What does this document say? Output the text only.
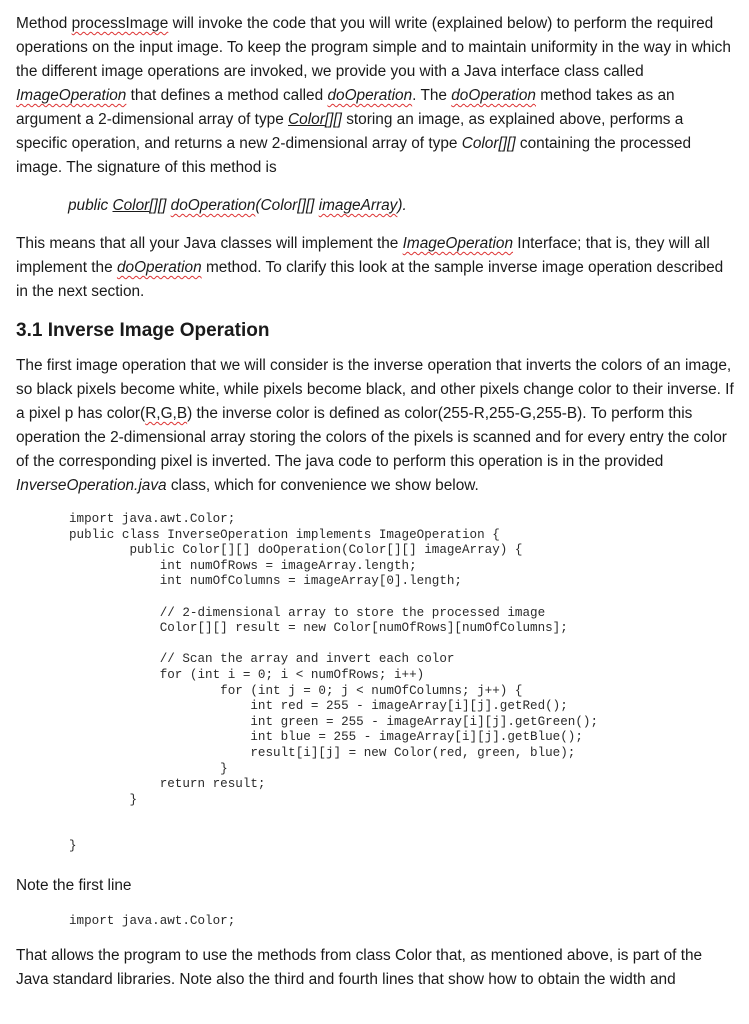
Method processImage will invoke the code that you will write (explained below) to perform the required operations on the input image. To keep the program simple and to maintain uniformity in the way in which the different image operations are invoked, we provide you with a Java interface class called ImageOperation that defines a method called doOperation. The doOperation method takes as an argument a 2-dimensional array of type Color[][] storing an image, as explained above, performs a specific operation, and returns a new 2-dimensional array of type Color[][] containing the processed image. The signature of this method is

public Color[][] doOperation(Color[][] imageArray).

This means that all your Java classes will implement the ImageOperation Interface; that is, they will all implement the doOperation method. To clarify this look at the sample inverse image operation described in the next section.

3.1 Inverse Image Operation

The first image operation that we will consider is the inverse operation that inverts the colors of an image, so black pixels become white, while pixels become black, and other pixels change color to their inverse. If a pixel p has color(R,G,B) the inverse color is defined as color(255-R,255-G,255-B). To perform this operation the 2-dimensional array storing the colors of the pixels is scanned and for every entry the color of the corresponding pixel is inverted. The java code to perform this operation is in the provided InverseOperation.java class, which for convenience we show below.

import java.awt.Color;
public class InverseOperation implements ImageOperation {
public Color[][] doOperation(Color[][] imageArray) {
int numOfRows = imageArray.length;
int numOfColumns = imageArray[0].length;
// 2-dimensional array to store the processed image
Color[][] result = new Color[numOfRows][numOfColumns];
// Scan the array and invert each color
for (int i = 0; i < numOfRows; i++)
for (int j = 0; j < numOfColumns; j++) {
int red = 255 - imageArray[i][j].getRed();
int green = 255 - imageArray[i][j].getGreen();
int blue = 255 - imageArray[i][j].getBlue();
result[i][j] = new Color(red, green, blue);
}
return result;
}
}

Note the first line

import java.awt.Color;

That allows the program to use the methods from class Color that, as mentioned above, is part of the Java standard libraries. Note also the third and fourth lines that show how to obtain the width and
